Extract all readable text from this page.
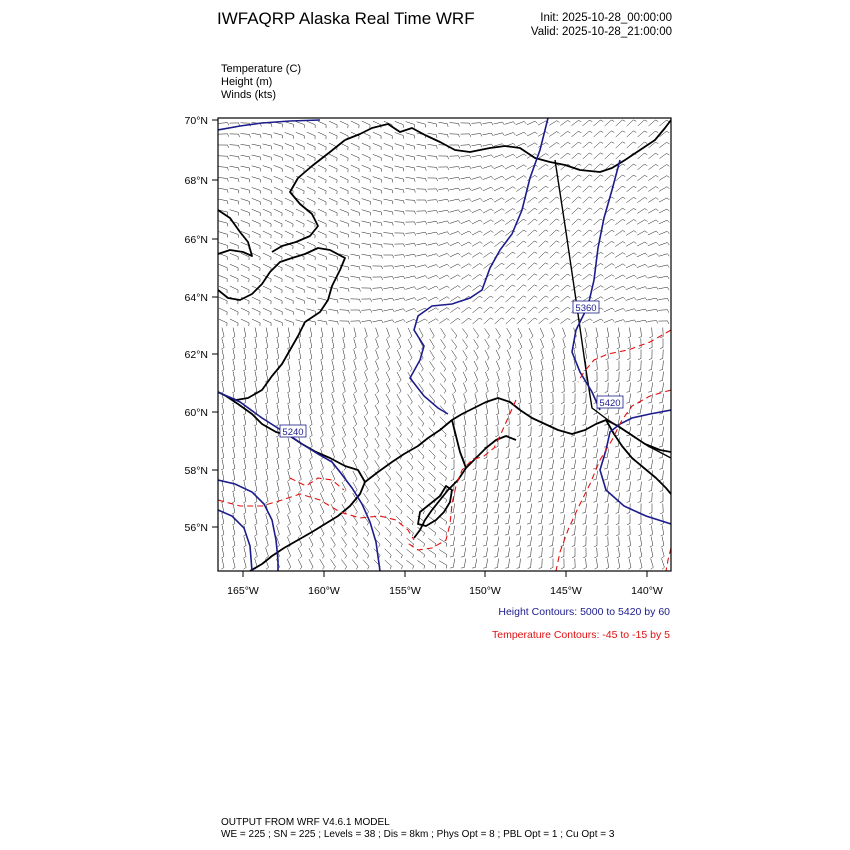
IWFAQRP Alaska Real Time WRF	Init: 2025-10-28_00:00:00
Valid: 2025-10-28_21:00:00
Temperature (C)
Height (m)
Winds (kts)
5360
5420
5240
70°N
68°N
66°N
64°N
62°N
60°N
58°N
56°N
165°W	160°W	155°W	150°W	145°W	140°W
Height Contours: 5000 to 5420 by 60
Temperature Contours: -45 to -15 by 5
OUTPUT FROM WRF V4.6.1 MODEL
WE = 225 ; SN = 225 ; Levels = 38 ; Dis = 8km ; Phys Opt = 8 ; PBL Opt = 1 ; Cu Opt = 3
